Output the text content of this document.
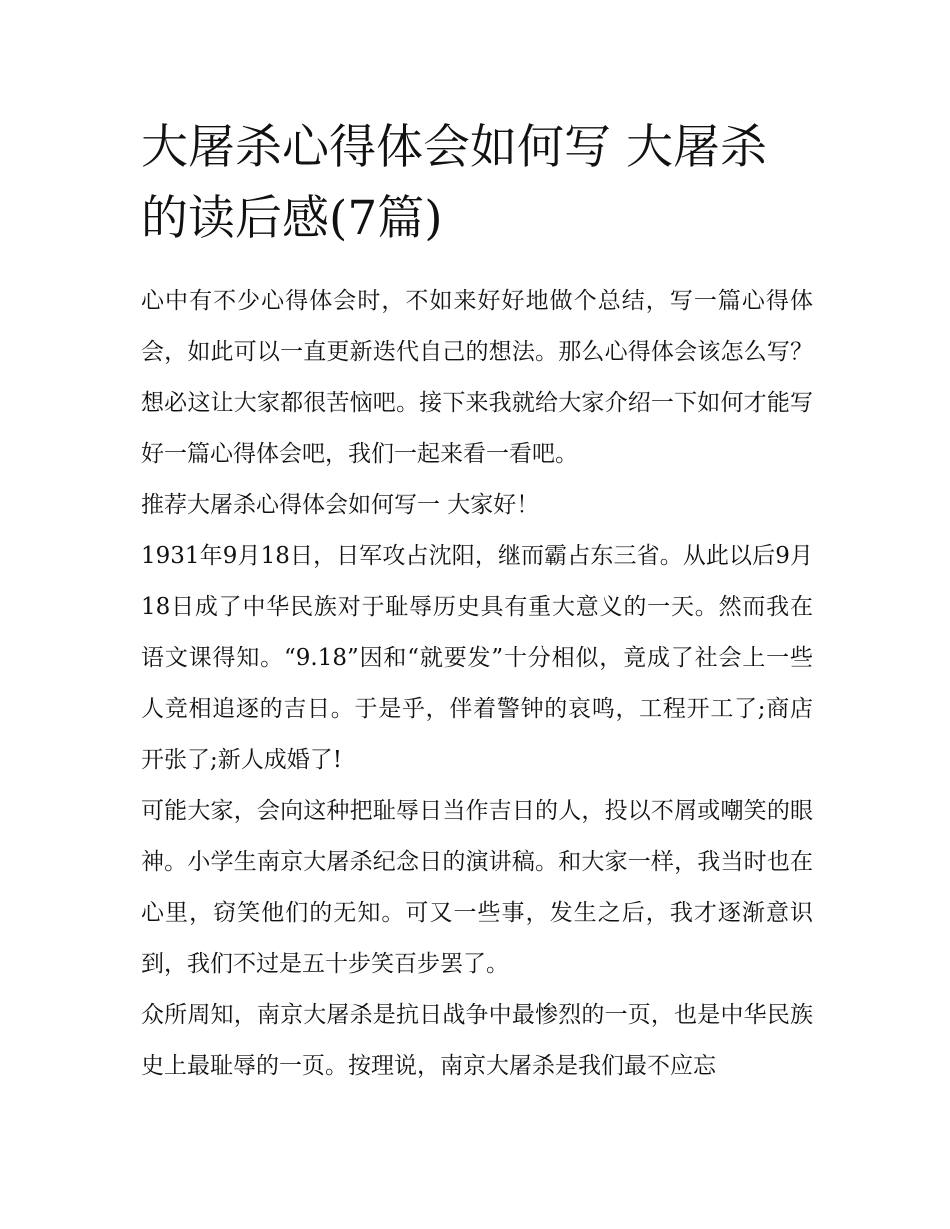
大屠杀心得体会如何写 大屠杀的读后感(7篇)

心中有不少心得体会时，不如来好好地做个总结，写一篇心得体会，如此可以一直更新迭代自己的想法。那么心得体会该怎么写？想必这让大家都很苦恼吧。接下来我就给大家介绍一下如何才能写好一篇心得体会吧，我们一起来看一看吧。

推荐大屠杀心得体会如何写一 大家好！

1931年9月18日，日军攻占沈阳，继而霸占东三省。从此以后9月18日成了中华民族对于耻辱历史具有重大意义的一天。然而我在语文课得知。“9.18”因和“就要发”十分相似，竟成了社会上一些人竞相追逐的吉日。于是乎，伴着警钟的哀鸣，工程开工了;商店开张了;新人成婚了!

可能大家，会向这种把耻辱日当作吉日的人，投以不屑或嘲笑的眼神。小学生南京大屠杀纪念日的演讲稿。和大家一样，我当时也在心里，窃笑他们的无知。可又一些事，发生之后，我才逐渐意识到，我们不过是五十步笑百步罢了。

众所周知，南京大屠杀是抗日战争中最惨烈的一页，也是中华民族史上最耻辱的一页。按理说，南京大屠杀是我们最不应忘
